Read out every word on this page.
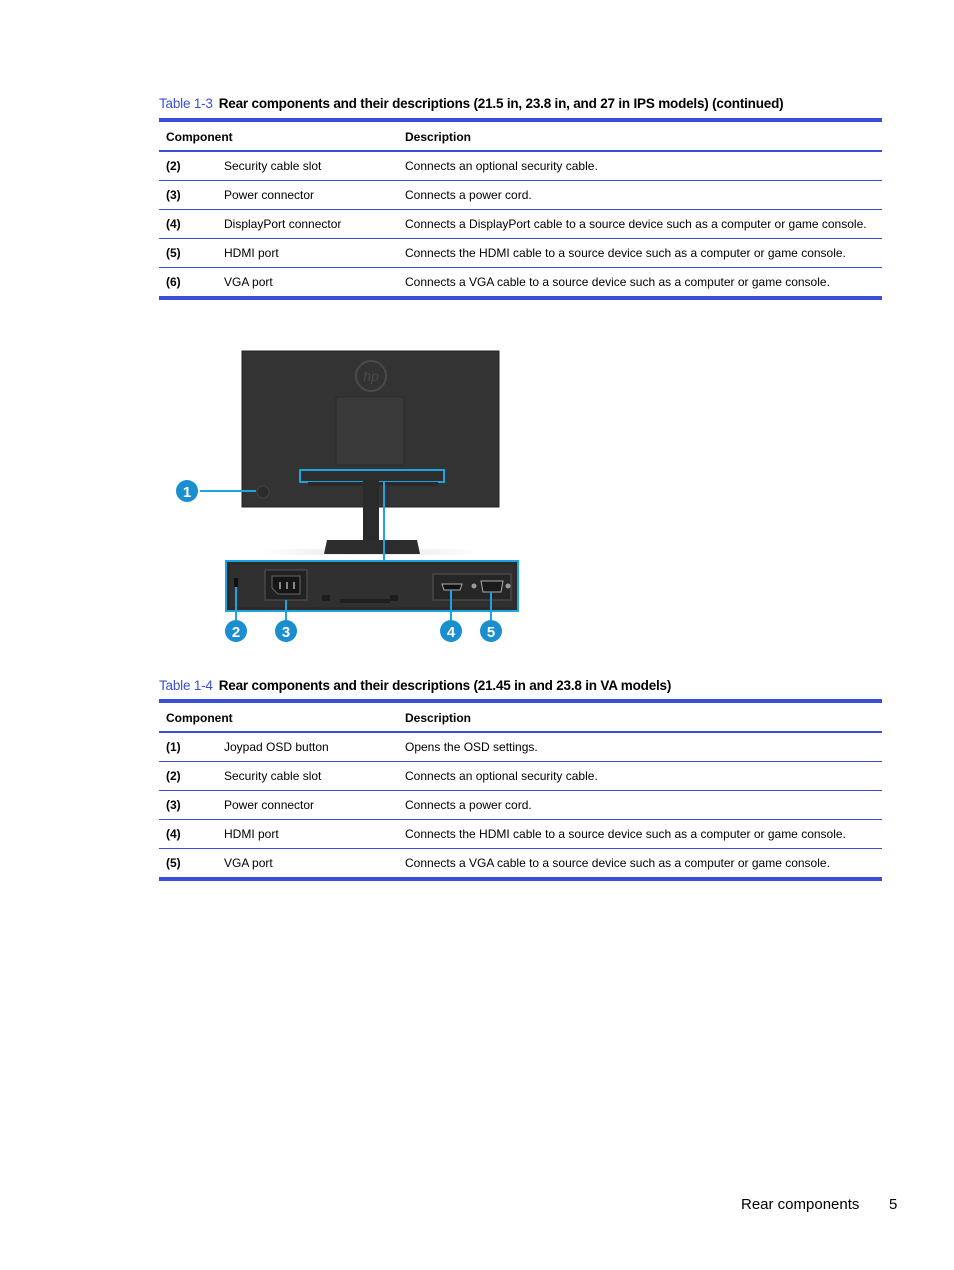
Table 1-3 Rear components and their descriptions (21.5 in, 23.8 in, and 27 in IPS models) (continued)
Component	Description
(2)	Security cable slot	Connects an optional security cable.
(3)	Power connector	Connects a power cord.
(4)	DisplayPort connector	Connects a DisplayPort cable to a source device such as a computer or game console.
(5)	HDMI port	Connects the HDMI cable to a source device such as a computer or game console.
(6)	VGA port	Connects a VGA cable to a source device such as a computer or game console.
hp
1
2	3	4 5
Table 1-4 Rear components and their descriptions (21.45 in and 23.8 in VA models)
Component	Description
(1)	Joypad OSD button	Opens the OSD settings.
(2)	Security cable slot	Connects an optional security cable.
(3)	Power connector	Connects a power cord.
(4)	HDMI port	Connects the HDMI cable to a source device such as a computer or game console.
(5)	VGA port	Connects a VGA cable to a source device such as a computer or game console.
Rear components 5
